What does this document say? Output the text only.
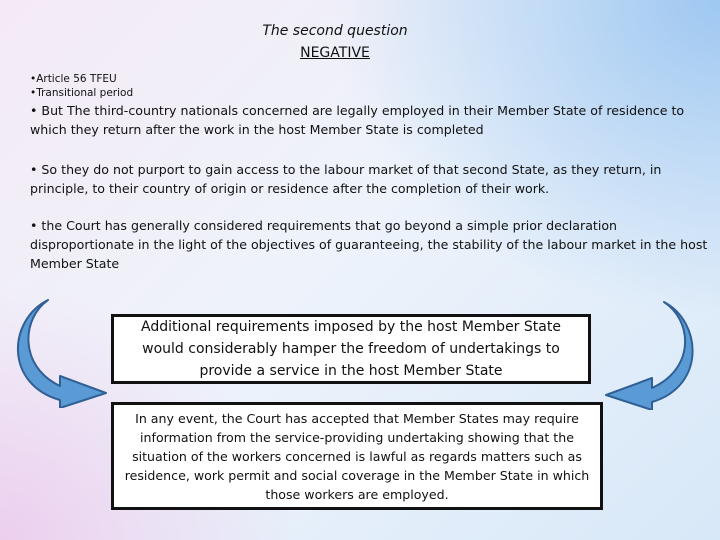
The second question
NEGATIVE
•Article 56 TFEU
•Transitional period
• But The third-country nationals concerned are legally employed in their Member State of residence to which they return after the work in the host Member State is completed
• So they do not purport to gain access to the labour market of that second State, as they return, in principle, to their country of origin or residence after the completion of their work.
• the Court has generally considered requirements that go beyond a simple prior declaration disproportionate in the light of the objectives of guaranteeing, the stability of the labour market in the host Member State
Additional requirements imposed by the host Member State would considerably hamper the freedom of undertakings to provide a service in the host Member State
In any event, the Court has accepted that Member States may require information from the service-providing undertaking showing that the situation of the workers concerned is lawful as regards matters such as residence, work permit and social coverage in the Member State in which those workers are employed.
